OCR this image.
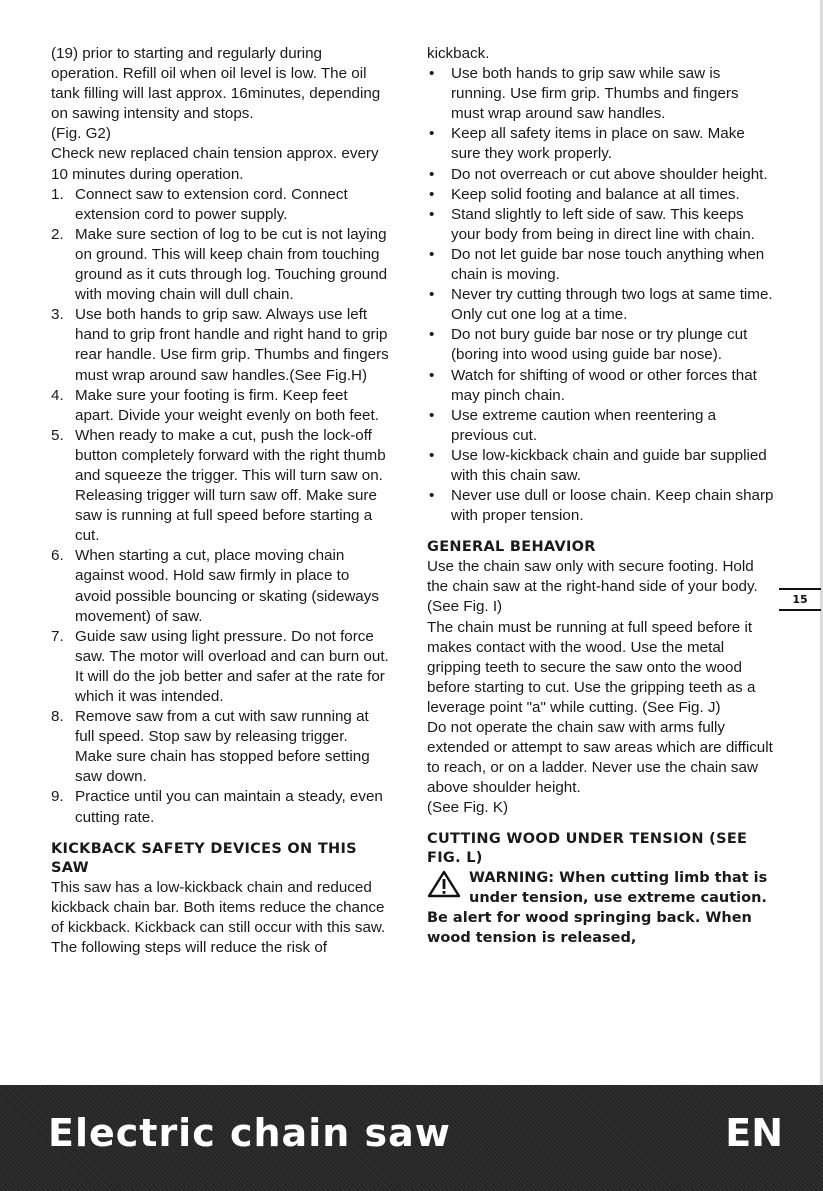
(19) prior to starting and regularly during operation. Refill oil when oil level is low. The oil tank filling will last approx. 16minutes, depending on sawing intensity and stops.

(Fig. G2)

Check new replaced chain tension approx. every 10 minutes during operation.

1. Connect saw to extension cord. Connect extension cord to power supply.
2. Make sure section of log to be cut is not laying on ground. This will keep chain from touching ground as it cuts through log. Touching ground with moving chain will dull chain.
3. Use both hands to grip saw. Always use left hand to grip front handle and right hand to grip rear handle. Use firm grip. Thumbs and fingers must wrap around saw handles.(See Fig.H)
4. Make sure your footing is firm. Keep feet apart. Divide your weight evenly on both feet.
5. When ready to make a cut, push the lock-off button completely forward with the right thumb and squeeze the trigger. This will turn saw on. Releasing trigger will turn saw off. Make sure saw is running at full speed before starting a cut.
6. When starting a cut, place moving chain against wood. Hold saw firmly in place to avoid possible bouncing or skating (sideways movement) of saw.
7. Guide saw using light pressure. Do not force saw. The motor will overload and can burn out. It will do the job better and safer at the rate for which it was intended.
8. Remove saw from a cut with saw running at full speed. Stop saw by releasing trigger. Make sure chain has stopped before setting saw down.
9. Practice until you can maintain a steady, even cutting rate.
KICKBACK SAFETY DEVICES ON THIS SAW

This saw has a low-kickback chain and reduced kickback chain bar. Both items reduce the chance of kickback. Kickback can still occur with this saw.

The following steps will reduce the risk of

kickback.

• Use both hands to grip saw while saw is running. Use firm grip. Thumbs and fingers must wrap around saw handles.
• Keep all safety items in place on saw. Make sure they work properly.
• Do not overreach or cut above shoulder height.
• Keep solid footing and balance at all times.
• Stand slightly to left side of saw. This keeps your body from being in direct line with chain.
• Do not let guide bar nose touch anything when chain is moving.
• Never try cutting through two logs at same time. Only cut one log at a time.
• Do not bury guide bar nose or try plunge cut (boring into wood using guide bar nose).
• Watch for shifting of wood or other forces that may pinch chain.
• Use extreme caution when reentering a previous cut.
• Use low-kickback chain and guide bar supplied with this chain saw.
• Never use dull or loose chain. Keep chain sharp with proper tension.
GENERAL BEHAVIOR

Use the chain saw only with secure footing. Hold the chain saw at the right-hand side of your body. (See Fig. I)

The chain must be running at full speed before it makes contact with the wood. Use the metal gripping teeth to secure the saw onto the wood before starting to cut. Use the gripping teeth as a leverage point "a" while cutting. (See Fig. J)

Do not operate the chain saw with arms fully extended or attempt to saw areas which are difficult to reach, or on a ladder. Never use the chain saw above shoulder height.

(See Fig. K)

CUTTING WOOD UNDER TENSION (SEE FIG. L)
WARNING: When cutting limb that is under tension, use extreme caution. Be alert for wood springing back. When wood tension is released,
15
Electric chain saw	EN
